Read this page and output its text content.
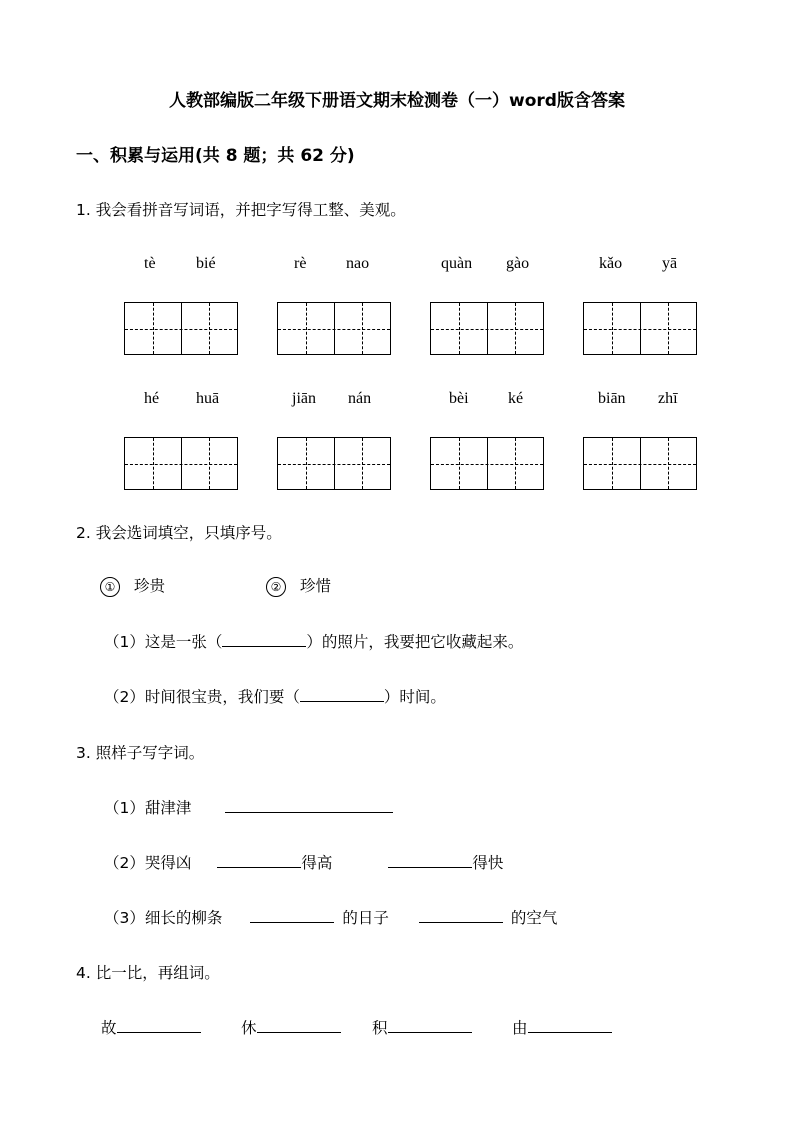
人教部编版二年级下册语文期末检测卷（一）word版含答案
一、积累与运用(共 8 题；共 62 分)
1. 我会看拼音写词语，并把字写得工整、美观。
tè	bié	rè nao	quàn gào	kǎo yā
hé huā	jiān nán	bèi ké	biān zhī
2. 我会选词填空，只填序号。
① 珍贵	② 珍惜
（1）这是一张（	）的照片，我要把它收藏起来。
（2）时间很宝贵，我们要（	）时间。
3. 照样子写字词。
（1）甜津津
（2）哭得凶	得高	得快
（3）细长的柳条	的日子	的空气
4. 比一比，再组词。
故	休	积	由
